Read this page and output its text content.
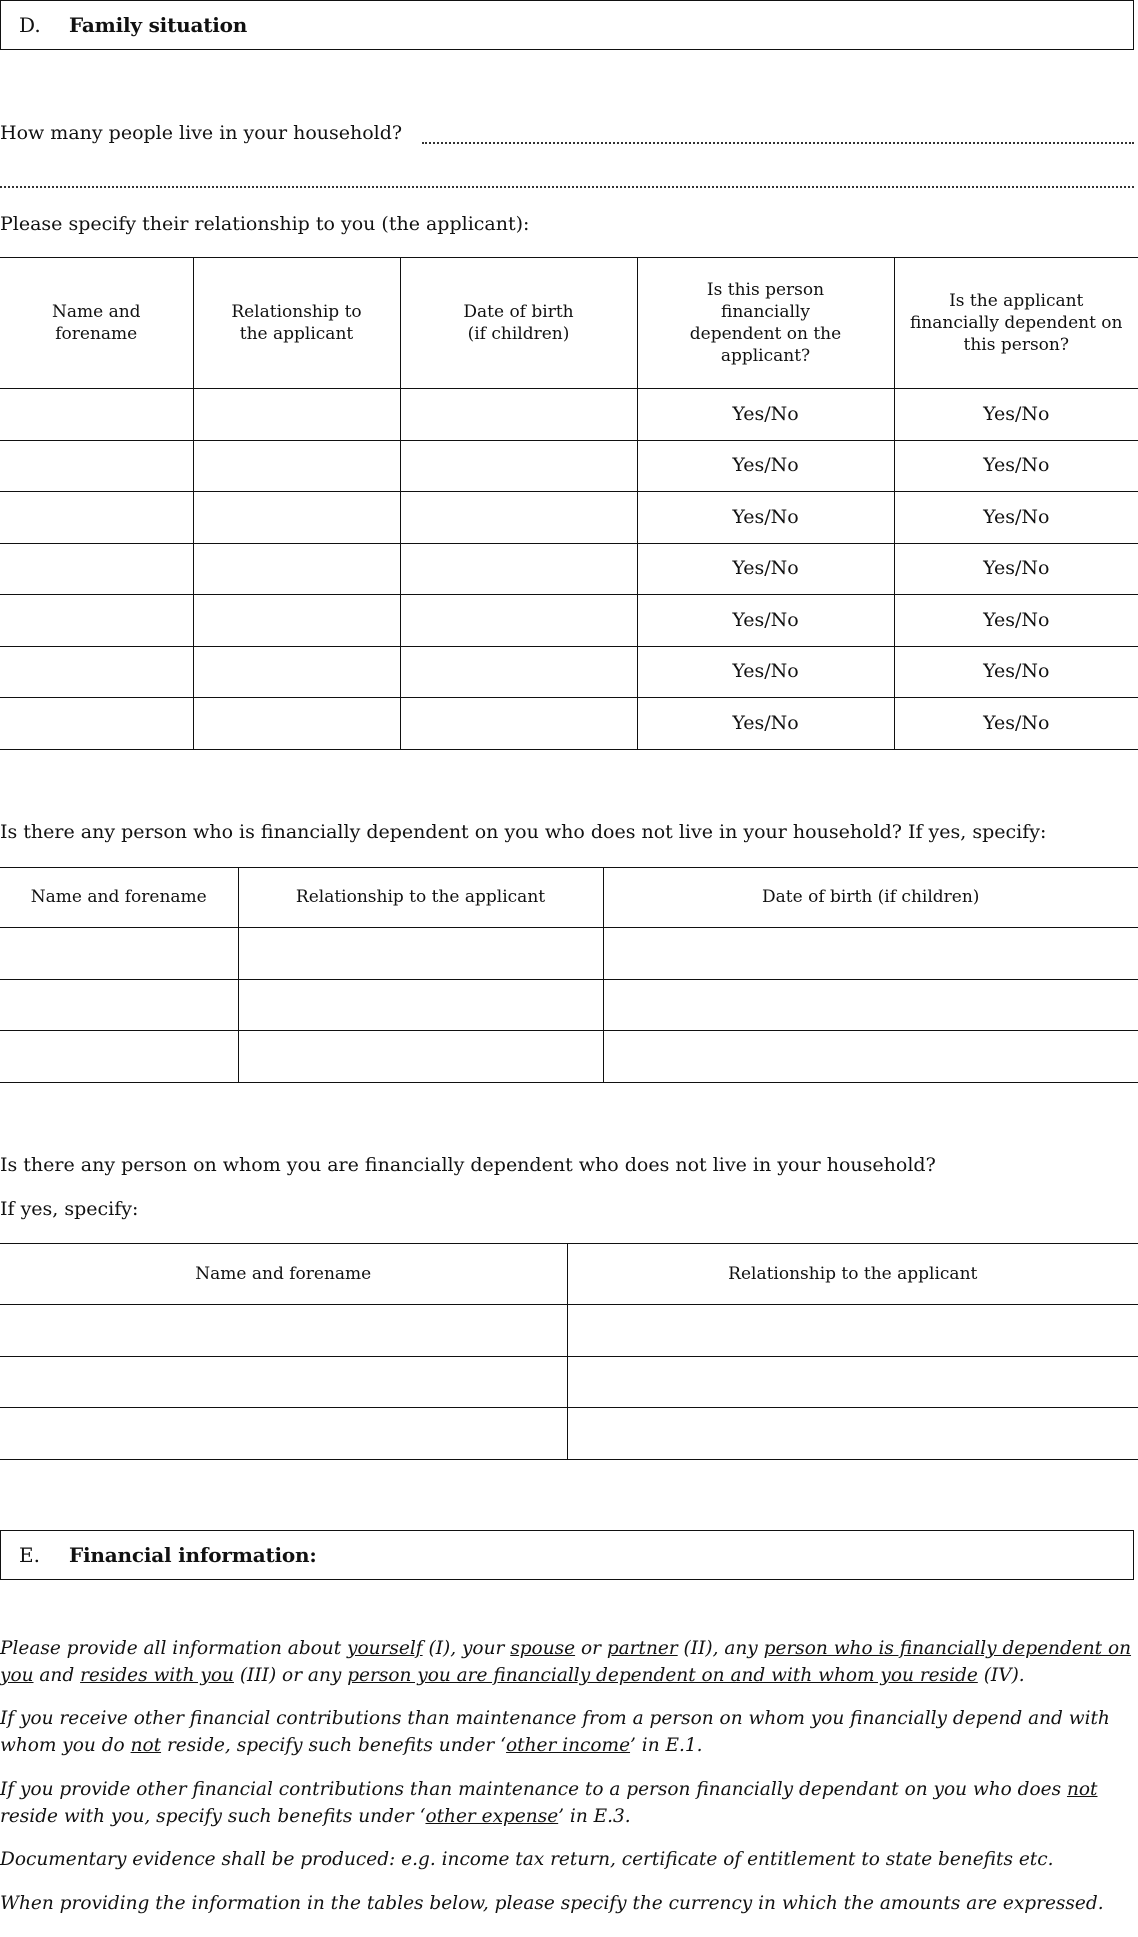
D.	Family situation
How many people live in your household?
Please specify their relationship to you (the applicant):
Name and forename	Relationship to the applicant	Date of birth (if children)	Is this person financially dependent on the applicant?	Is the applicant financially dependent on this person?
			Yes/No	Yes/No
			Yes/No	Yes/No
			Yes/No	Yes/No
			Yes/No	Yes/No
			Yes/No	Yes/No
			Yes/No	Yes/No
			Yes/No	Yes/No
Is there any person who is financially dependent on you who does not live in your household? If yes, specify:
Name and forename	Relationship to the applicant	Date of birth (if children)

Is there any person on whom you are financially dependent who does not live in your household?
If yes, specify:
Name and forename	Relationship to the applicant

E.	Financial information:
Please provide all information about yourself (I), your spouse or partner (II), any person who is financially dependent on you and resides with you (III) or any person you are financially dependent on and with whom you reside (IV).
If you receive other financial contributions than maintenance from a person on whom you financially depend and with whom you do not reside, specify such benefits under ‘other income’ in E.1.
If you provide other financial contributions than maintenance to a person financially dependant on you who does not reside with you, specify such benefits under ‘other expense’ in E.3.
Documentary evidence shall be produced: e.g. income tax return, certificate of entitlement to state benefits etc.
When providing the information in the tables below, please specify the currency in which the amounts are expressed.
